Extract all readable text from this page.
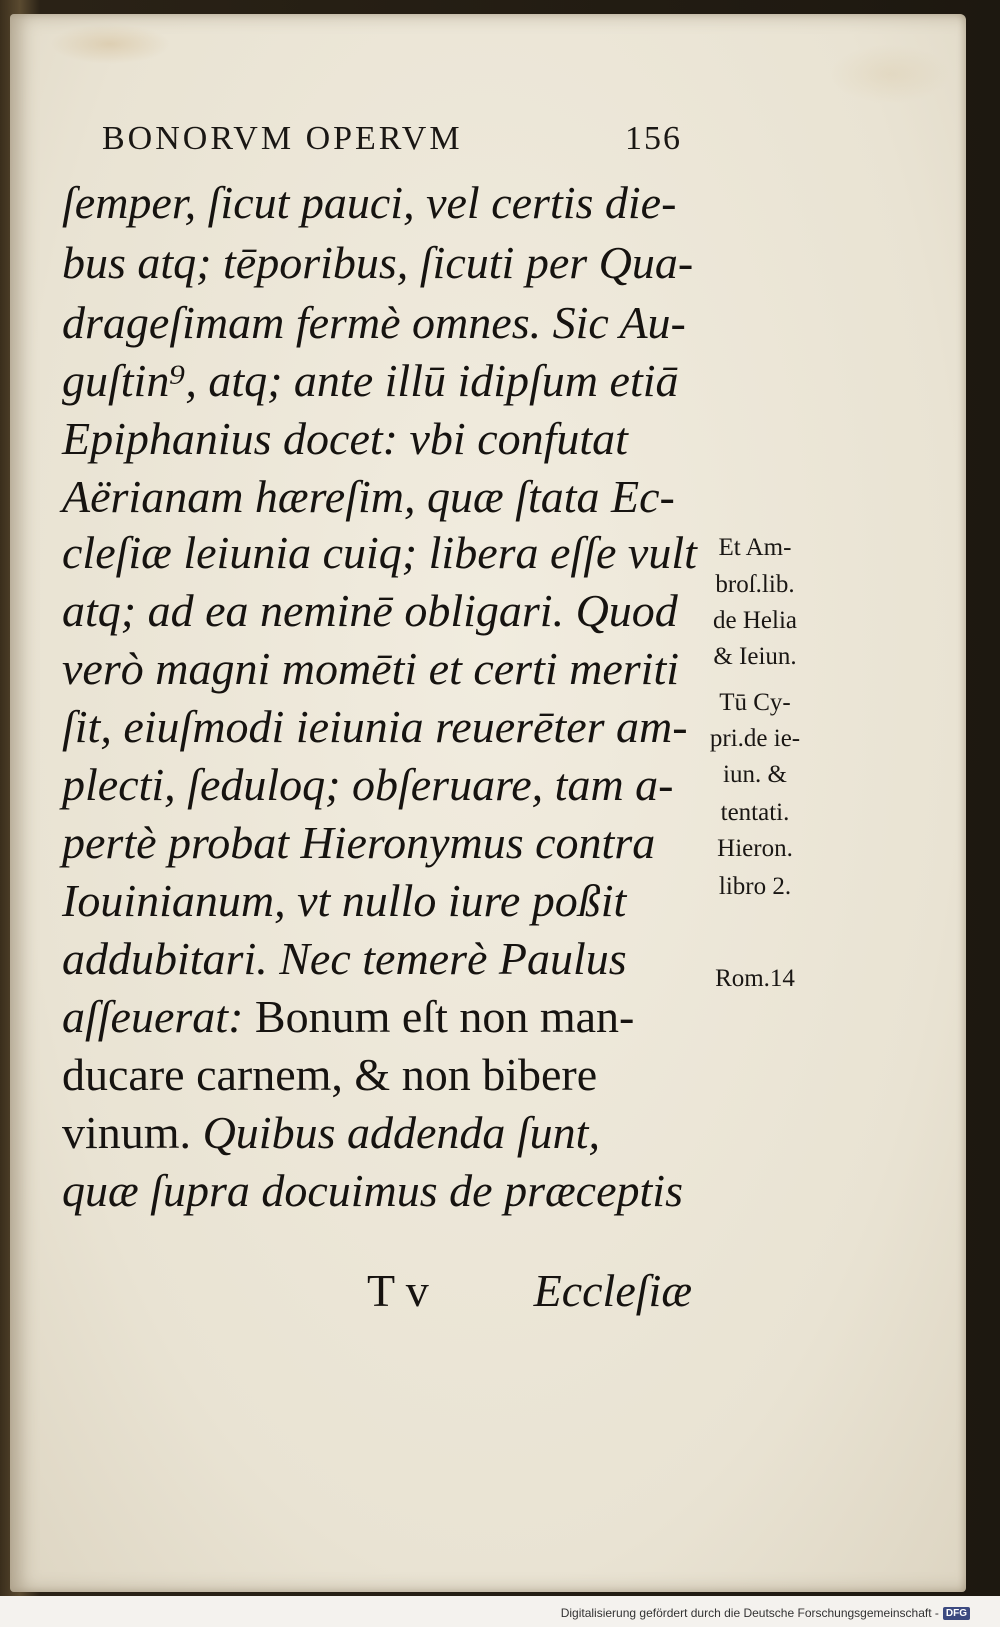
BONORVM OPERVM	156
ſemper, ſicut pauci, vel certis die-
bus atq; tēporibus, ſicuti per Qua-
drageſimam fermè omnes. Sic Au-
guſtin⁹, atq; ante illū idipſum etiā
Epiphanius docet: vbi confutat
Aërianam hæreſim, quæ ſtata Ec-
cleſiæ leiunia cuiq; libera eſſe vult
atq; ad ea neminē obligari. Quod
verò magni momēti et certi meriti
ſit, eiuſmodi ieiunia reuerēter am-
plecti, ſeduloq; obſeruare, tam a-
pertè probat Hieronymus contra
Iouinianum, vt nullo iure poßit
addubitari. Nec temerè Paulus
aſſeuerat: Bonum eſt non man-
ducare carnem, & non bibere
vinum. Quibus addenda ſunt,
quæ ſupra docuimus de præceptis
T v Eccleſiæ
Et Am-
broſ.lib.
de Helia
& Ieiun.
Tū Cy-
pri.de ie-
iun. &
tentati.
Hieron.
libro 2.
Rom.14
Digitalisierung gefördert durch die Deutsche Forschungsgemeinschaft - DFG
